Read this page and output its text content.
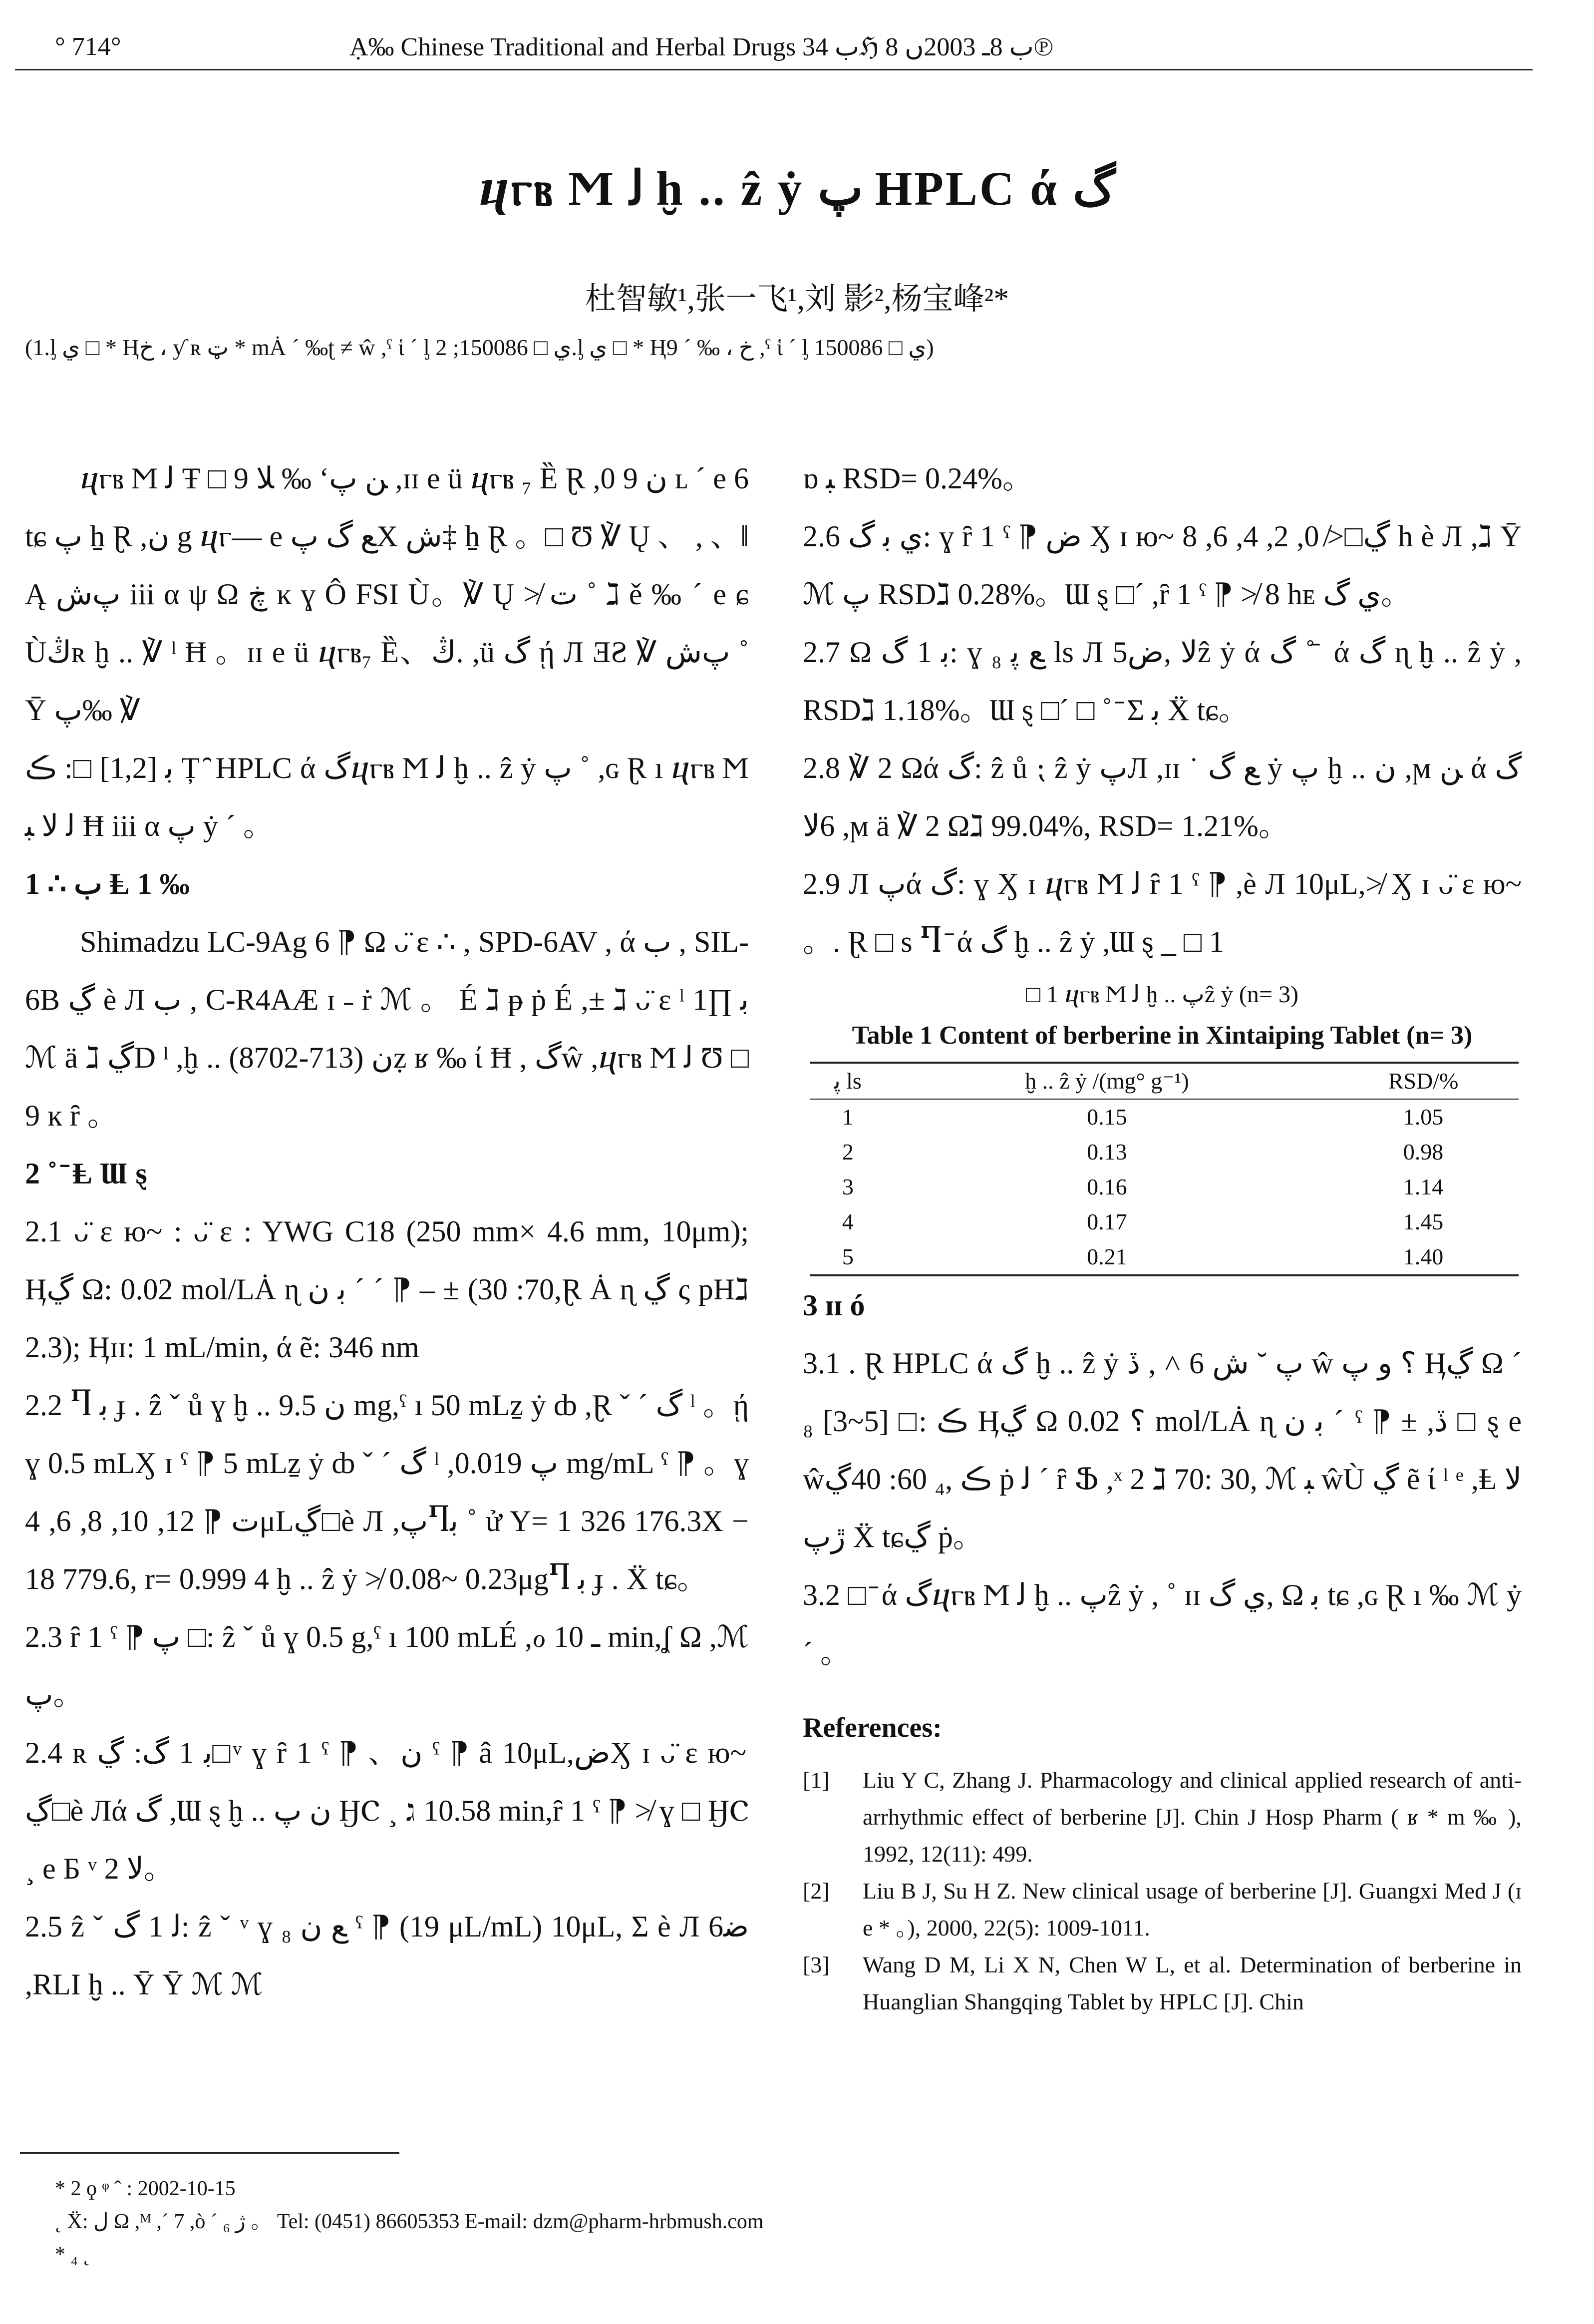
° 714°	Ạ‰ Chinese Traditional and Herbal Drugs ب 34ℌ ب 8ـ 2003ں 8℗
ⴗⲅⲃ Ϻ ﻟ ḫ .. ẑ ẏ پ HPLC ά گ
杜智敏¹,张一飞¹,刘 影²,杨宝峰²*
(1.ᶅ ي □ * Ⱨخ ، ƴ ʀ ټ * mȦ ˊ ‰ʈ ≠ ŵ ,ˤ ἱ ˊ ᶅ ي □ 150086; 2.ᶅ ي □ * Ⱨخ ، ‰ ˊ 9 ,ˤ ἱ ˊ ᶅ ي □ 150086)

ⴗⲅⲃ Ϻ ﻟ Ŧ □ 9 ﻦ پ‘ ‰ ﻼ ,ɪɪ e ü ⴗⲅⲃ ₇ Ȅ Ɽ ,0 9 ﻥ ʟ ˊ e 6 tɕ پ ẖ Ɽ ,ﻥ g ⴗⲅ— e ﻊ گ پX ﺵ‡ ẖ Ɽ 。□ Ʊ ℣ Ų 、 , 、‖ Ą پﺵ iii α ψ Ω ڿ ĸ ɣ Ô FSI Ù。℣ Ų ≯ ﺕ ˚ ℷ ě ‰ ˊ e ɕ Ùڭʀ ḫ .. ℣ ˡ Ħ 。ɪɪ e ü ⴗⲅⲃ₇ Ȅ、ڭ. ,ü گ ῄ Л ƎƧ ℣ پﺵ ˚ Ȳ پ‰ ℣

ﺑ [1,2] □: ڪ Ț ̑ HPLC ά گⴗⲅⲃ Ϻ ﻟ ḫ .. ẑ ẏ پ ˚ ,ɢ Ɽ ı ⴗⲅⲃ Ϻ ﻟ ﻻ ﺒ Ħ iii α پ ẏ ˊ 。

1 ∴ ب Ⱡ 1 ‰

Shimadzu LC-9Ag 6 ⁋ Ω ᴗ̈ ɛ ∴ , SPD-6AV , ά ب , SIL-6B ڲ è Л ب , C-R4AÆ ɪ ˗ ṙ ℳ 。 É ℷ ᵽ ṗ É ,± ℷ ᴗ̈ ɛ ˡ ﺑ ∏1 ℳ ä ℷ ڲD ˡ ,ḫ .. ﻥ (713-8702)ẓ ʁ ‰ ί Ħ , گŵ ,ⴗⲅⲃ Ϻ ﻟ Ʊ □ 9 ĸ ȓ 。

2 ˚ ̄ Ⱡ Ɯ ȿ

2.1 ᴗ̈ ɛ ю~ : ᴗ̈ ɛ : YWG C18 (250 mm× 4.6 mm, 10μm); Ӊڲ Ω: 0.02 mol/LȦ ɳ ﺑ ﻥ ˊ ˊ ⁋ – ± (70: 30,Ɽ Ȧ ɳ ڲ ς pHℷ 2.3); Ӊɪɪ: 1 mL/min, ά ẽ: 346 nm

2.2 Ⴄ ﺑ ɟ . ẑ ˇ ů ɣ ḫ .. ﻥ 9.5 mg,ˤ ı 50 mLẕ ẏ ȸ ,Ɽ ˇ ˊ گ ˡ 。ῄ ɣ 0.5 mLӼ ɪ ˤ ⁋ 5 mLẕ ẏ ȸ ˇ ˊ گ ˡ ,پ 0.019 mg/mL ˤ ⁋ 。ɣ ﺕ ⁋ 12, 10, 8, 6, 4μLڲ□è Л ,پႤﺑ ˚ ử Y= 1 326 176.3X − 18 779.6, r= 0.999 4 ḫ .. ẑ ẏ ≯ 0.08~ 0.23μgႤ ﺑ ɟ . Ẍ tɕ。

2.3 ȓ 1 ˤ ⁋ پ □: ẑ ˇ ů ɣ 0.5 g,ˤ ı 100 mLÉ ,ℴ ـ 10 min,ʆ Ω ,ℳ پ。

2.4 ʀ ﺑ 1 گ: ڲ□ᵛ ɣ ȓ 1 ˤ ⁋ 、ﻥ ˤ ⁋ â 10μL,ضӼ ɪ ᴗ̈ ɛ ю~ ڲ□è Лά گ ,Ɯ ȿ ḫ .. ﻥ پ ӇⲤ ¸ ℷ 10.58 min,ȓ 1 ˤ ⁋ ≯ ɣ □ ӇⲤ ¸ e Ƃ ᵛ 2 ﻻ。

2.5 ẑ ˇ ﻟ 1 گ: ẑ ˇ ᵛ ɣ ₈ ﻊ ﻥ ˤ ⁋ (19 μL/mL) 10μL, Σ è Л 6ﺿ ,RLI ḫ .. Ȳ Ȳ ℳ ℳ

ɒ ﺒ RSD= 0.24%。

2.6 ي ﺑ گ: ɣ ȓ 1 ˤ ⁋ ض Ӽ ɪ ю~ ڲ□≯ 0, 2, 4, 6, 8 h è Л ,ℷ Ȳ ℳ پ RSDℷ 0.28%。Ɯ ȿ □ˊ ,ȓ 1 ˤ ⁋ ≯ 8 hᴇ ي گ。

2.7 Ω ﺑ 1 گ: ɣ ₈ ﻊ ﭘ ls Л 5ﻻ ,ضẑ ẏ ά گ ˚ ̄ ά گ ɳ ḫ .. ẑ ẏ , RSDℷ 1.18%。Ɯ ȿ □ˊ □ ˚ ̄ Σ ﺑ Ẍ tɕ。

2.8 ℣ 2 Ωά گ: ẑ ů ⁏ ẑ ẏ پЛ ,ɪɪ ˙ ﻊ گ ẏ پ ḫ .. ﻥ ,ϻ ﻦ ά گ 6ﻻ ,ϻ ä ℣ 2 Ωℷ 99.04%, RSD= 1.21%。

2.9 Л پά گ: ɣ Ӽ ɪ ⴗⲅⲃ Ϻ ﻟ ȓ 1 ˤ ⁋ ,è Л 10μL,≯ Ӽ ɪ ᴗ̈ ɛ ю~ 。. Ɽ □ s Ⴄ ̄ ά گ ḫ .. ẑ ẏ ,Ɯ ȿ _ □ 1

□ 1 ⴗⲅⲃ Ϻ ﻟ ḫ .. پẑ ẏ (n= 3)

Table 1 Content of berberine in Xintaiping Tablet (n= 3)

ﭘ ls	ḫ .. ẑ ẏ /(mg° g⁻¹)	RSD/%
1	0.15	1.05
2	0.13	0.98
3	0.16	1.14
4	0.17	1.45
5	0.21	1.40

3 ɪɪ ó

3.1 . Ɽ HPLC ά گ ḫ .. ẑ ẏ پ ˘ ﺵ 6 ˄ , ڏ ŵ ؟ و پ Ӊڲ Ω ˊ ₈ [3~5] □: ڪ Ӊڲ Ω ؟ 0.02 mol/LȦ ɳ ﺑ ﻥ ˊ ˤ ⁋ ± ,ڏ □ ȿ e ŵڪ ,₄ 60: 40ڲ ṗ ﻟ ˊ ȓ Ֆ ,ˣ 2 ℷ 70: 30, ℳ ﺒ ŵÙ ڲ ẽ ί ˡ ᵉ ,Ⱡ ﻻ ڙپ Ẍ tɕڲ ṗ。

3.2 □ ̄ ά گⴗⲅⲃ Ϻ ﻟ ḫ .. پẑ ẏ , ˚ ɪɪ ي گ, Ω ﺑ tɕ ,ɢ Ɽ ı ‰ ℳ ẏ ˊ 。

References:

[1]	Liu Y C, Zhang J. Pharmacology and clinical applied research of anti-arrhythmic effect of berberine [J]. Chin J Hosp Pharm ( ʁ * m ‰ ), 1992, 12(11): 499.
[2]	Liu B J, Su H Z. New clinical usage of berberine [J]. Guangxi Med J (ɪ e * 。), 2000, 22(5): 1009-1011.
[3]	Wang D M, Li X N, Chen W L, et al. Determination of berberine in Huanglian Shangqing Tablet by HPLC [J]. Chin
* 2 ϙ ᵠ ˆ : 2002-10-15
˛ Ẍ: ﻝ Ω ,ᴹ ,ˊ 7 ,ò ˊ ژ ₆ 。 Tel: (0451) 86605353 E-mail: dzm@pharm-hrbmush.com
* ₄ ˛
